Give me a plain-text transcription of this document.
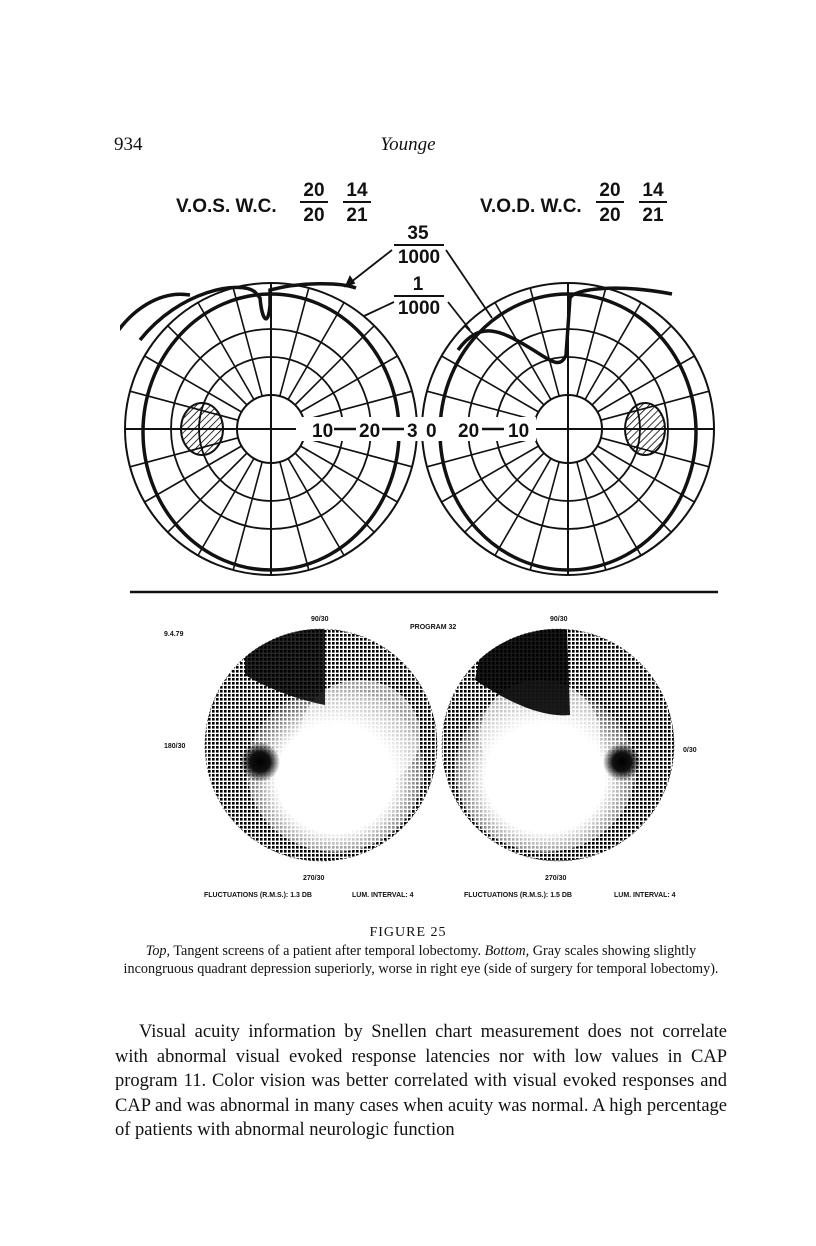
934	Younge
V.O.S. W.C.
20
20
14
21	V.O.D. W.C.
20
20
14
21
35
1000
1
1000
10 20 3 0 20 10
9.4.79
PROGRAM 32
90/30	90/30
180/30
0/30
270/30	270/30
FLUCTUATIONS (R.M.S.): 1.3 DB	LUM. INTERVAL: 4	FLUCTUATIONS (R.M.S.): 1.5 DB	LUM. INTERVAL: 4
FIGURE 25
Top, Tangent screens of a patient after temporal lobectomy. Bottom, Gray scales showing slightly incongruous quadrant depression superiorly, worse in right eye (side of surgery for temporal lobectomy).
Visual acuity information by Snellen chart measurement does not correlate with abnormal visual evoked response latencies nor with low values in CAP program 11. Color vision was better correlated with visual evoked responses and CAP and was abnormal in many cases when acuity was normal. A high percentage of patients with abnormal neurologic function
